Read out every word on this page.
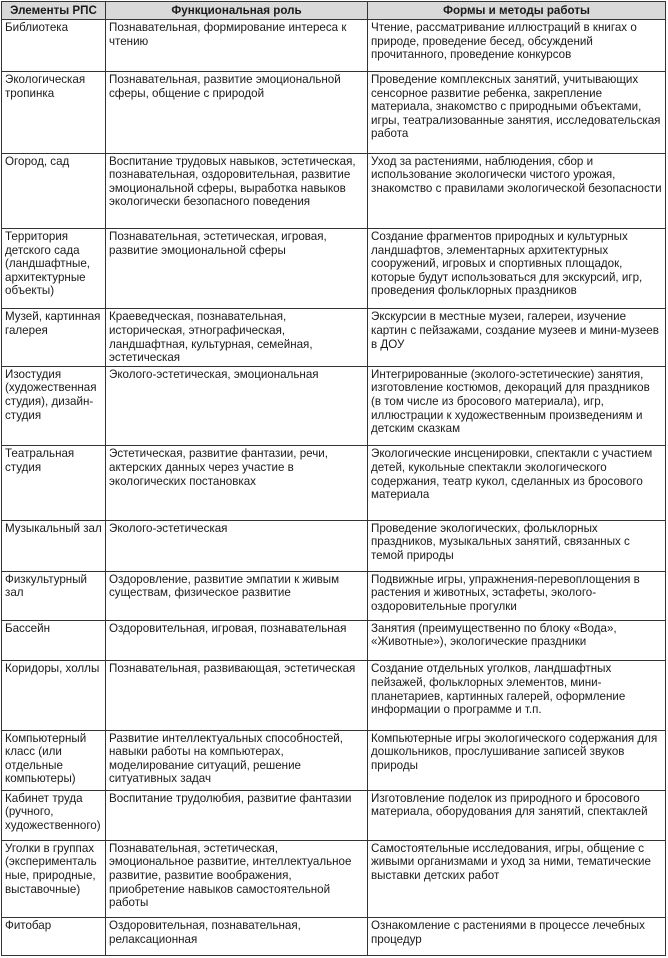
Элементы РПС	Функциональная роль	Формы и методы работы
Библиотека	Познавательная, формирование интереса к чтению	Чтение, рассматривание иллюстраций в книгах о природе, проведение бесед, обсуждений прочитанного, проведение конкурсов
Экологическая тропинка	Познавательная, развитие эмоциональной сферы, общение с природой	Проведение комплексных занятий, учитывающих сенсорное развитие ребенка, закрепление материала, знакомство с природными объектами, игры, театрализованные занятия, исследовательская работа
Огород, сад	Воспитание трудовых навыков, эстетическая, познавательная, оздоровительная, развитие эмоциональной сферы, выработка навыков экологически безопасного поведения	Уход за растениями, наблюдения, сбор и использование экологически чистого урожая, знакомство с правилами экологической безопасности
Территория детского сада (ландшафтные, архитектурные объекты)	Познавательная, эстетическая, игровая, развитие эмоциональной сферы	Создание фрагментов природных и культурных ландшафтов, элементарных архитектурных сооружений, игровых и спортивных площадок, которые будут использоваться для экскурсий, игр, проведения фольклорных праздников
Музей, картинная галерея	Краеведческая, познавательная, историческая, этнографическая, ландшафтная, культурная, семейная, эстетическая	Экскурсии в местные музеи, галереи, изучение картин с пейзажами, создание музеев и мини-музеев в ДОУ
Изостудия (художественная студия), дизайн-студия	Эколого-эстетическая, эмоциональная	Интегрированные (эколого-эстетические) занятия, изготовление костюмов, декораций для праздников (в том числе из бросового материала), игр, иллюстрации к художественным произведениям и детским сказкам
Театральная студия	Эстетическая, развитие фантазии, речи, актерских данных через участие в экологических постановках	Экологические инсценировки, спектакли с участием детей, кукольные спектакли экологического содержания, театр кукол, сделанных из бросового материала
Музыкальный зал	Эколого-эстетическая	Проведение экологических, фольклорных праздников, музыкальных занятий, связанных с темой природы
Физкультурный зал	Оздоровление, развитие эмпатии к живым существам, физическое развитие	Подвижные игры, упражнения-перевоплощения в растения и животных, эстафеты, эколого-оздоровительные прогулки
Бассейн	Оздоровительная, игровая, познавательная	Занятия (преимущественно по блоку «Вода», «Животные»), экологические праздники
Коридоры, холлы	Познавательная, развивающая, эстетическая	Создание отдельных уголков, ландшафтных пейзажей, фольклорных элементов, мини-планетариев, картинных галерей, оформление информации о программе и т.п.
Компьютерный класс (или отдельные компьютеры)	Развитие интеллектуальных способностей, навыки работы на компьютерах, моделирование ситуаций, решение ситуативных задач	Компьютерные игры экологического содержания для дошкольников, прослушивание записей звуков природы
Кабинет труда (ручного, художественного)	Воспитание трудолюбия, развитие фантазии	Изготовление поделок из природного и бросового материала, оборудования для занятий, спектаклей
Уголки в группах (экспериментальные, природные, выставочные)	Познавательная, эстетическая, эмоциональное развитие, интеллектуальное развитие, развитие воображения, приобретение навыков самостоятельной работы	Самостоятельные исследования, игры, общение с живыми организмами и уход за ними, тематические выставки детских работ
Фитобар	Оздоровительная, познавательная, релаксационная	Ознакомление с растениями в процессе лечебных процедур
